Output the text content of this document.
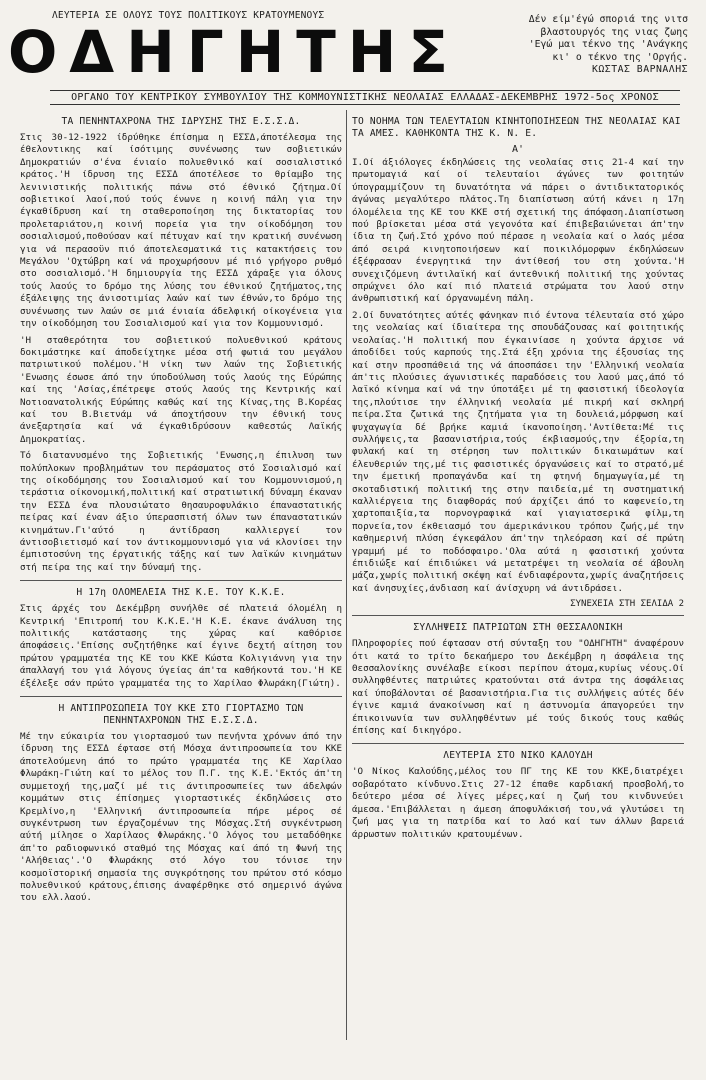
ΛΕΥΤΕΡΙΑ ΣΕ ΟΛΟΥΣ ΤΟΥΣ ΠΟΛΙΤΙΚΟΥΣ ΚΡΑΤΟΥΜΕΝΟΥΣ
ΟΔΗΓΗΤΗΣ	Δέν είμ'έγώ σποριά της νιτσ
βλαστουργός της νιας ζωης
'Εγώ μαι τέκνο της 'Ανάγκης
κι' ο τέκνο της 'Οργής.
ΚΩΣΤΑΣ ΒΑΡΝΑΛΗΣ
ΟΡΓΑΝΟ ΤΟΥ ΚΕΝΤΡΙΚΟΥ ΣΥΜΒΟΥΛΙΟΥ ΤΗΣ ΚΟΜΜΟΥΝΙΣΤΙΚΗΣ ΝΕΟΛΑΙΑΣ ΕΛΛΑΔΑΣ-ΔΕΚΕΜΒΡΗΣ 1972-5ος ΧΡΟΝΟΣ
ΤΑ ΠΕΝΗΝΤΑΧΡΟΝΑ ΤΗΣ ΙΔΡΥΣΗΣ ΤΗΣ Ε.Σ.Σ.Δ.

Στις 30-12-1922 ίδρύθηκε έπίσημα η ΕΣΣΔ,άποτέλεσμα της έθελοντικης καί ίσότιμης συνένωσης των σοβιετικών Δημοκρατιών σ'ένα ένιαίο πολυεθνικό καί σοσιαλιστικό κράτος.'Η ίδρυση της ΕΣΣΔ άποτέλεσε το θρίαμβο της λενινιστικής πολιτικής πάνω στό έθνικό ζήτημα.Οί σοβιετικοί λαοί,πού τούς ένωνε η κοινή πάλη για την έγκαθίδρυση καί τη σταθεροποίηση της δικτατορίας του προλεταριάτου,η κοινή πορεία για την οίκοδόμηση του σοσιαλισμού,ποθούσαν καί πέτυχαν καί την κρατική συνένωση για νά περασοϋν πιό άποτελεσματικά τις κατακτήσεις του Μεγάλου 'Οχτώβρη καί νά προχωρήσουν μέ πιό γρήγορο ρυθμό στο σοσιαλισμό.'Η δημιουργία της ΕΣΣΔ χάραξε για όλους τούς λαούς το δρόμο της λύσης του έθνικού ζητήματος,της έξάλειψης της άνισοτιμίας λαών καί των έθνών,το δρόμο της συνένωσης των λαών σε μιά ένιαία άδελφική οίκογένεια για την οίκοδόμηση του Σοσιαλισμού καί για τον Κομμουνισμό.

'Η σταθερότητα του σοβιετικού πολυεθνικού κράτους δοκιμάστηκε καί άποδείχτηκε μέσα στή φωτιά του μεγάλου πατριωτικού πολέμου.'Η νίκη των λαών της Σοβιετικής 'Ενωσης έσωσε άπό την ύποδούλωση τούς λαούς της Εύρώπης καί της 'Ασίας,έπέτρεψε στούς λαούς της Κεντρικής καί Νοτιοανατολικής Εύρώπης καθώς καί της Κίνας,της Β.Κορέας καί του Β.Βιετνάμ νά άποχτήσουν την έθνική τους άνεξαρτησία καί νά έγκαθιδρύσουν καθεστώς Λαϊκής Δημοκρατίας.

Τό διατανυσμένο της Σοβιετικής 'Ενωσης,η έπιλυση των πολύπλοκων προβλημάτων του περάσματος στό Σοσιαλισμό καί της οίκοδόμησης του Σοσιαλισμού καί του Κομμουνισμού,η τεράστια οίκονομική,πολιτική καί στρατιωτική δύναμη έκαναν την ΕΣΣΔ ένα πλουσιώτατο θησαυροφυλάκιο έπαναστατικής πείρας καί έναν άξιο ύπερασπιστή όλων των έπαναστατικών κινημάτων.Γι'αύτό η άντίδραση καλλιεργεί τον άντισοβιετισμό καί τον άντικομμουνισμό για νά κλονίσει την έμπιστοσύνη της έργατικής τάξης καί των λαϊκών κινημάτων στή πείρα της καί την δύναμή της.

Η 17η ΟΛΟΜΕΛΕΙΑ ΤΗΣ Κ.Ε. ΤΟΥ Κ.Κ.Ε.

Στις άρχές του Δεκέμβρη συνήλθε σέ πλατειά όλομέλη η Κεντρική 'Επιτροπή του Κ.Κ.Ε.'Η Κ.Ε. έκανε άνάλυση της πολιτικής κατάστασης της χώρας καί καθόρισε άποφάσεις.'Επίσης συζητήθηκε καί έγινε δεχτή αίτηση του πρώτου γραμματέα της ΚΕ του ΚΚΕ Κώστα Κολιγιάννη για την άπαλλαγή του γιά λόγους ύγείας άπ'τα καθήκοντά του.'Η ΚΕ έξέλεξε σάν πρώτο γραμματέα της το Χαρίλαο Φλωράκη(Γιώτη).

Η ΑΝΤΙΠΡΟΣΩΠΕΙΑ ΤΟΥ ΚΚΕ ΣΤΟ ΓΙΟΡΤΑΣΜΟ ΤΩΝ ΠΕΝΗΝΤΑΧΡΟΝΩΝ ΤΗΣ Ε.Σ.Σ.Δ.

Μέ την εύκαιρία του γιορτασμού των πενήντα χρόνων άπό την ίδρυση της ΕΣΣΔ έφτασε στή Μόσχα άντιπροσωπεία του ΚΚΕ άποτελούμενη άπό το πρώτο γραμματέα της ΚΕ Χαρίλαο Φλωράκη-Γιώτη καί το μέλος του Π.Γ. της Κ.Ε.'Εκτός άπ'τη συμμετοχή της,μαζί μέ τις άντιπροσωπείες των άδελφών κομμάτων στις έπίσημες γιορταστικές έκδηλώσεις στο Κρεμλίνο,η 'Ελληνική άντιπροσωπεία πήρε μέρος σέ συγκέντρωση των έργαζομένων της Μόσχας.Στή συγκέντρωση αύτή μίλησε ο Χαρίλαος Φλωράκης.'Ο λόγος του μεταδόθηκε άπ'το ραδιοφωνικό σταθμό της Μόσχας καί άπό τη Φωνή της 'Αλήθειας'.'Ο Φλωράκης στό λόγο του τόνισε την κοσμοϊστορική σημασία της συγκρότησης του πρώτου στό κόσμο πολυεθνικού κράτους,έπισης άναφέρθηκε στό σημερινό άγώνα του ελλ.λαού.

ΤΟ ΝΟΗΜΑ ΤΩΝ ΤΕΛΕΥΤΑΙΩΝ ΚΙΝΗΤΟΠΟΙΗΣΕΩΝ ΤΗΣ ΝΕΟΛΑΙΑΣ ΚΑΙ ΤΑ ΑΜΕΣ. ΚΑΘΗΚΟΝΤΑ ΤΗΣ Κ. Ν. Ε.
Α'

Ι.Οί άξιόλογες έκδηλώσεις της νεολαίας στις 21-4 καί την πρωτομαγιά καί οί τελευταίοι άγώνες των φοιτητών ύπογραμμίζουν τη δυνατότητα νά πάρει ο άντιδικτατορικός άγώνας μεγαλύτερο πλάτος.Τη διαπίστωση αύτή κάνει η 17η όλομέλεια της ΚΕ του ΚΚΕ στή σχετική της άπόφαση.Διαπίστωση πού βρίσκεται μέσα στά γεγονότα καί έπιβεβαιώνεται άπ'την ίδια τη ζωή.Στό χρόνο πού πέρασε η νεολαία καί ο λαός μέσα άπό σειρά κινητοποιήσεων καί ποικιλόμορφων έκδηλώσεων έξέφρασαν ένεργητικά την άντίθεσή του στη χούντα.'Η συνεχιζόμενη άντιλαϊκή καί άντεθνική πολιτική της χούντας σπρώχνει όλο καί πιό πλατειά στρώματα του λαού στην άνθρωπιστική καί όργανωμένη πάλη.

2.Οί δυνατότητες αύτές φάνηκαν πιό έντονα τέλευταία στό χώρο της νεολαίας καί ίδιαίτερα της σπουδάζουσας καί φοιτητικής νεολαίας.'Η πολιτική που έγκαινίασε η χούντα άρχισε νά άποδίδει τούς καρπούς της.Στά έξη χρόνια της έξουσίας της καί στην προσπάθειά της νά άποσπάσει την 'Ελληνική νεολαία άπ'τις πλούσιες άγωνιστικές παραδόσεις του λαού μας,άπό τό λαϊκό κίνημα καί νά την ύποτάξει μέ τη φασιστική ίδεολογία της,πλούτισε την έλληνική νεολαία μέ πικρή καί σκληρή πείρα.Στα ζωτικά της ζητήματα για τη δουλειά,μόρφωση καί ψυχαγωγία δέ βρήκε καμιά ίκανοποίηση.'Αντίθετα:Μέ τις συλλήψεις,τα βασανιστήρια,τούς έκβιασμούς,την έξορία,τη φυλακή καί τη στέρηση των πολιτικών δικαιωμάτων καί έλευθεριών της,μέ τις φασιστικές όργανώσεις καί το στρατό,μέ την έμετική προπαγάνδα καί τη φτηνή δημαγωγία,μέ τη σκοταδιστική πολιτική της στην παιδεία,μέ τη συστηματική καλλιέργεια της διαφθοράς πού άρχίζει άπό το καφενείο,τη χαρτοπαιξία,τα πορνογραφικά καί γιαγιατσερικά φίλμ,τη πορνεία,τον έκθειασμό του άμερικάνικου τρόπου ζωής,μέ την καθημερινή πλύση έγκεφάλου άπ'την τηλεόραση καί σέ πρώτη γραμμή μέ το ποδόσφαιρο.'Ολα αύτά η φασιστική χούντα έπιδιώξε καί έπιδιώκει νά μετατρέψει τη νεολαία σέ άβουλη μάζα,χωρίς πολιτική σκέψη καί ένδιαφέροντα,χωρίς άναζητήσεις καί άνησυχίες,άνδιαση καί άνίσχυρη νά άντιδράσει.

ΣΥΝΕΧΕΙΑ ΣΤΗ ΣΕΛΙΔΑ 2
ΣΥΛΛΗΨΕΙΣ ΠΑΤΡΙΩΤΩΝ ΣΤΗ ΘΕΣΣΑΛΟΝΙΚΗ

Πληροφορίες πού έφτασαν στή σύνταξη του "ΟΔΗΓΗΤΗ" άναφέρουν ότι κατά το τρίτο δεκαήμερο του Δεκέμβρη η άσφάλεια της Θεσσαλονίκης συνέλαβε είκοσι περίπου άτομα,κυρίως νέους.Οί συλληφθέντες πατριώτες κρατούνται στά άντρα της άσφάλειας καί ύποβάλονται σέ βασανιστήρια.Για τις συλλήψεις αύτές δέν έγινε καμιά άνακοίνωση καί η άστυνομία άπαγορεύει την έπικοινωνία των συλληφθέντων μέ τούς δικούς τους καθώς έπίσης καί δικηγόρο.

ΛΕΥΤΕΡΙΑ ΣΤΟ ΝΙΚΟ ΚΑΛΟΥΔΗ

'Ο Νίκος Καλούδης,μέλος του ΠΓ της ΚΕ του ΚΚΕ,διατρέχει σοβαρότατο κίνδυνο.Στις 27-12 έπαθε καρδιακή προσβολή,το δεύτερο μέσα σέ λίγες μέρες,καί η ζωή του κινδυνεύει άμεσα.'Επιβάλλεται η άμεση άποφυλάκισή του,νά γλυτώσει τη ζωή μας για τη πατρίδα καί το λαό καί των άλλων βαρειά άρρωστων πολιτικών κρατουμένων.
